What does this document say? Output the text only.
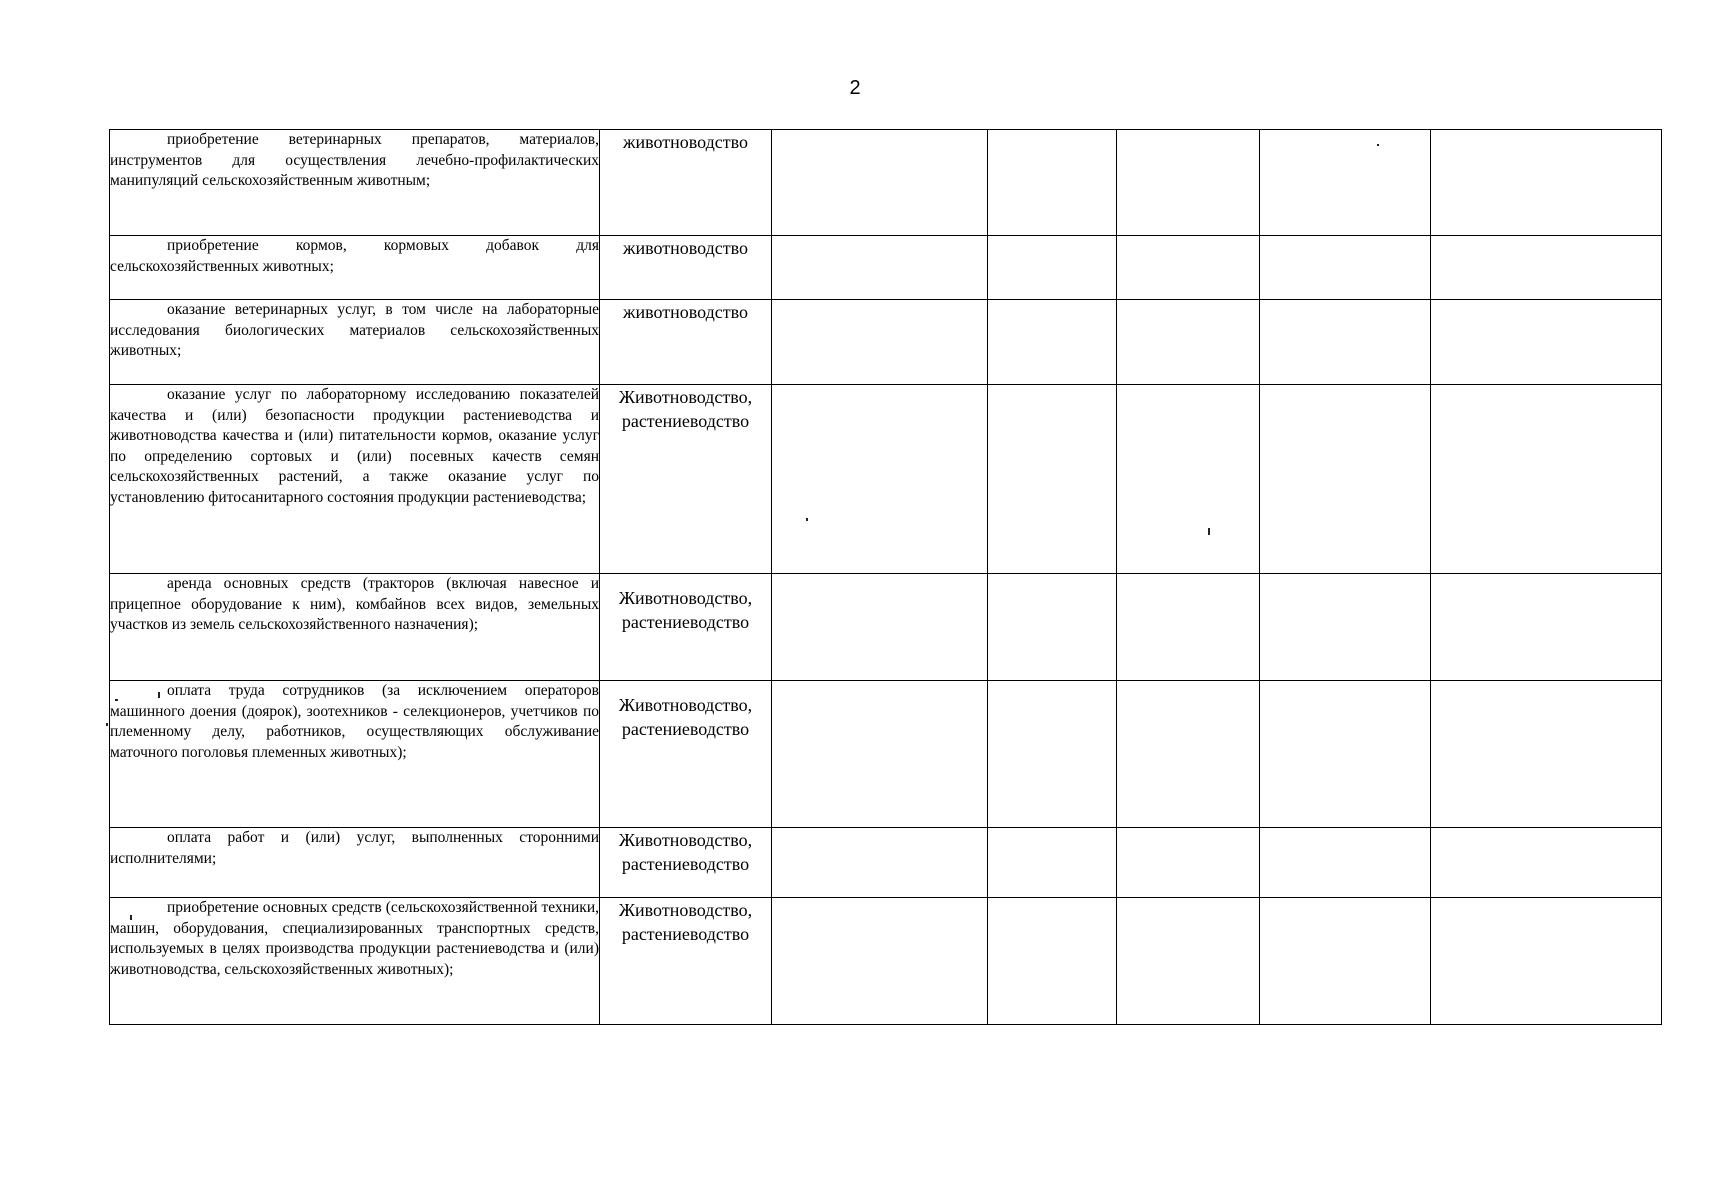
2
приобретение ветеринарных препаратов, материалов, инструментов для осуществления лечебно-профилактических манипуляций сельскохозяйственным животным;	животноводство					
приобретение кормов, кормовых добавок для сельскохозяйственных животных;	животноводство					
оказание ветеринарных услуг, в том числе на лабораторные исследования биологических материалов сельскохозяйственных животных;	животноводство					
оказание услуг по лабораторному исследованию показателей качества и (или) безопасности продукции растениеводства и животноводства качества и (или) питательности кормов, оказание услуг по определению сортовых и (или) посевных качеств семян сельскохозяйственных растений, а также оказание услуг по установлению фитосанитарного состояния продукции растениеводства;	Животноводство, растениеводство					
аренда основных средств (тракторов (включая навесное и прицепное оборудование к ним), комбайнов всех видов, земельных участков из земель сельскохозяйственного назначения);	Животноводство, растениеводство					
оплата труда сотрудников (за исключением операторов машинного доения (доярок), зоотехников - селекционеров, учетчиков по племенному делу, работников, осуществляющих обслуживание маточного поголовья племенных животных);	Животноводство, растениеводство					
оплата работ и (или) услуг, выполненных сторонними исполнителями;	Животноводство, растениеводство					
приобретение основных средств (сельскохозяйственной техники, машин, оборудования, специализированных транспортных средств, используемых в целях производства продукции растениеводства и (или) животноводства, сельскохозяйственных животных);	Животноводство, растениеводство					
